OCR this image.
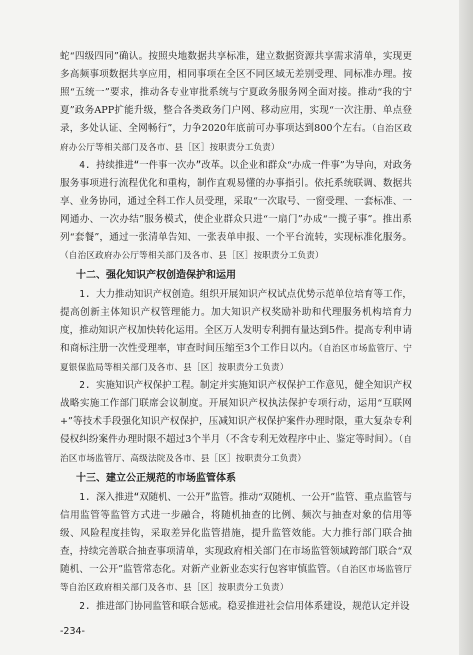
蛇“四级四同”确认。按照央地数据共享标准，建立数据资源共享需求清单，实现更多高频事项数据共享应用，相同事项在全区不同区域无差别受理、同标准办理。按照“五统一”要求，推动各专业审批系统与宁夏政务服务网全面对接。推动“我的宁夏”政务APP扩能升级，整合各类政务门户网、移动应用，实现“一次注册、单点登录，多处认证、全网畅行”，力争2020年底前可办事项达到800个左右。（自治区政府办公厅等相关部门及各市、县［区］按职责分工负责）

4. 持续推进“一件事一次办”改革。以企业和群众“办成一件事”为导向，对政务服务事项进行流程优化和重构，制作直观易懂的办事指引。依托系统联调、数据共享、业务协同，通过全科工作人员受理，采取“一次取号、一窗受理、一套标准、一网通办、一次办结”服务模式，使企业群众只进“一扇门”办成“一揽子事”。推出系列“套餐”，通过一张清单告知、一张表单申报、一个平台流转，实现标准化服务。（自治区政府办公厅等相关部门及各市、县［区］按职责分工负责）

十二、强化知识产权创造保护和运用

1. 大力推动知识产权创造。组织开展知识产权试点优势示范单位培育等工作，提高创新主体知识产权管理能力。加大知识产权奖励补助和代理服务机构培育力度，推动知识产权加快转化运用。全区万人发明专利拥有量达到5件。提高专利申请和商标注册一次性受理率，审查时间压缩至3个工作日以内。（自治区市场监管厅、宁夏银保监局等相关部门及各市、县［区］按职责分工负责）

2. 实施知识产权保护工程。制定并实施知识产权保护工作意见，健全知识产权战略实施工作部门联席会议制度。开展知识产权执法保护专项行动，运用“互联网+”等技术手段强化知识产权保护，压减知识产权保护案件办理时限，重大复杂专利侵权纠纷案件办理时限不超过3个半月（不含专利无效程序中止、鉴定等时间）。（自治区市场监管厅、高级法院及各市、县［区］按职责分工负责）

十三、建立公正规范的市场监管体系

1. 深入推进“双随机、一公开”监管。推动“双随机、一公开”监管、重点监管与信用监管等监管方式进一步融合，将随机抽查的比例、频次与抽查对象的信用等级、风险程度挂钩，采取差异化监管措施，提升监管效能。大力推行部门联合抽查，持续完善联合抽查事项清单，实现政府相关部门在市场监管领域跨部门联合“双随机、一公开”监管常态化。对新产业新业态实行包容审慎监管。（自治区市场监管厅等自治区政府相关部门及各市、县［区］按职责分工负责）

2. 推进部门协同监管和联合惩戒。稳妥推进社会信用体系建设，规范认定并设

-234-
